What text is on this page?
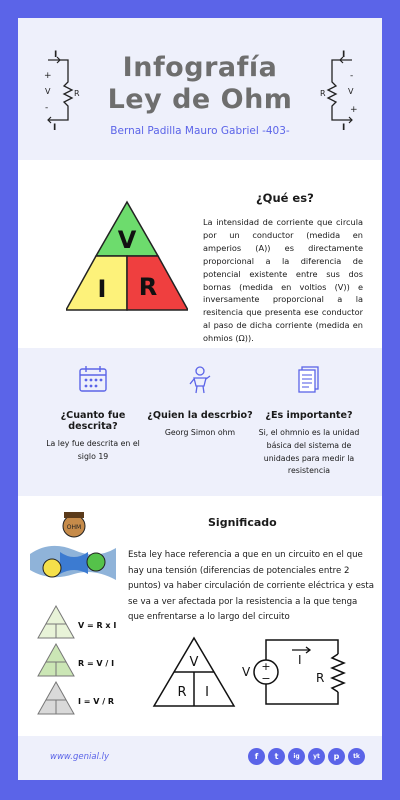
Infografía
Ley de Ohm
Bernal Padilla Mauro Gabriel -403-
I
+
V	R
-
I
I
-
V
R
+
I
V
I R
¿Qué es?
La intensidad de corriente que circula por un conductor (medida en amperios (A)) es directamente proporcional a la diferencia de potencial existente entre sus dos bornas (medida en voltios (V)) e inversamente proporcional a la resitencia que presenta ese conductor al paso de dicha corriente (medida en ohmios (Ω)).
¿Cuanto fue descrita?
La ley fue descrita en el siglo 19
¿Quien la descrbio?
Georg Simon ohm
¿Es importante?
Si, el ohmnio es la unidad básica del sistema de unidades para medir la resistencia
OHM
V = R x I
R = V / I
I = V / R
Significado
Esta ley hace referencia a que en un circuito en el que hay una tensión (diferencias de potenciales entre 2 puntos) va haber circulación de corriente eléctrica y esta se va a ver afectada por la resistencia a la que tenga que enfrentarse a lo largo del circuito
V
R I
+
−
V
I
R
www.genial.ly	f	t	ig	yt	p	tk
